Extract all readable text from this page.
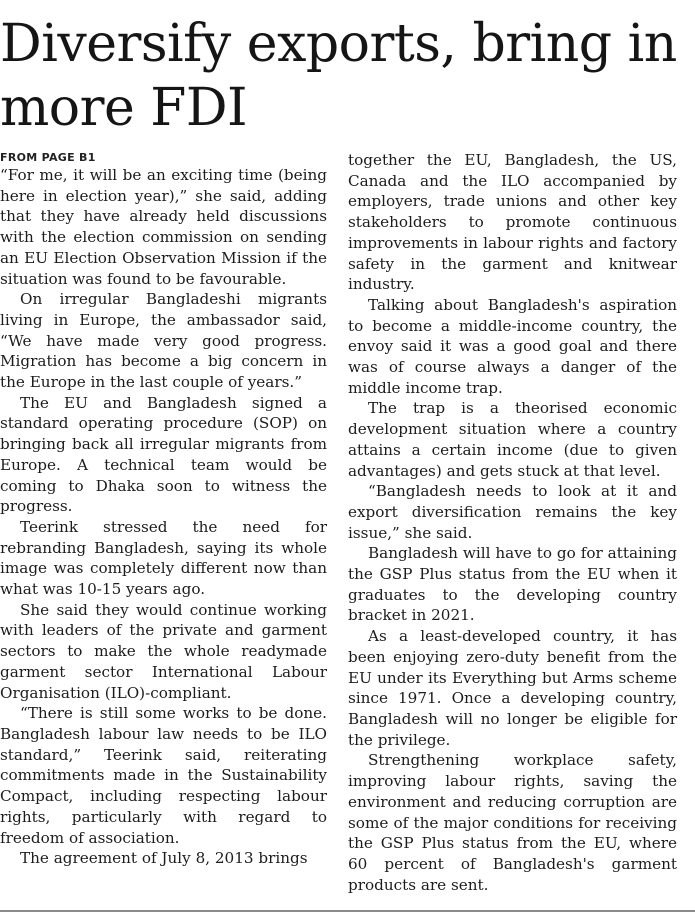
Diversify exports, bring in more FDI
FROM PAGE B1

“For me, it will be an exciting time (being here in election year),” she said, adding that they have already held discussions with the election commission on sending an EU Election Observation Mission if the situation was found to be favourable.

On irregular Bangladeshi migrants living in Europe, the ambassador said, “We have made very good progress. Migration has become a big concern in the Europe in the last couple of years.”

The EU and Bangladesh signed a standard operating procedure (SOP) on bringing back all irregular migrants from Europe. A technical team would be coming to Dhaka soon to witness the progress.

Teerink stressed the need for rebranding Bangladesh, saying its whole image was completely different now than what was 10-15 years ago.

She said they would continue working with leaders of the private and garment sectors to make the whole readymade garment sector International Labour Organisation (ILO)-compliant.

“There is still some works to be done. Bangladesh labour law needs to be ILO standard,” Teerink said, reiterating commitments made in the Sustainability Compact, including respecting labour rights, particularly with regard to freedom of association.

The agreement of July 8, 2013 brings

together the EU, Bangladesh, the US, Canada and the ILO accompanied by employers, trade unions and other key stakeholders to promote continuous improvements in labour rights and factory safety in the garment and knitwear industry.

Talking about Bangladesh's aspiration to become a middle-income country, the envoy said it was a good goal and there was of course always a danger of the middle income trap.

The trap is a theorised economic development situation where a country attains a certain income (due to given advantages) and gets stuck at that level.

“Bangladesh needs to look at it and export diversification remains the key issue,” she said.

Bangladesh will have to go for attaining the GSP Plus status from the EU when it graduates to the developing country bracket in 2021.

As a least-developed country, it has been enjoying zero-duty benefit from the EU under its Everything but Arms scheme since 1971. Once a developing country, Bangladesh will no longer be eligible for the privilege.

Strengthening workplace safety, improving labour rights, saving the environment and reducing corruption are some of the major conditions for receiving the GSP Plus status from the EU, where 60 percent of Bangladesh's garment products are sent.
